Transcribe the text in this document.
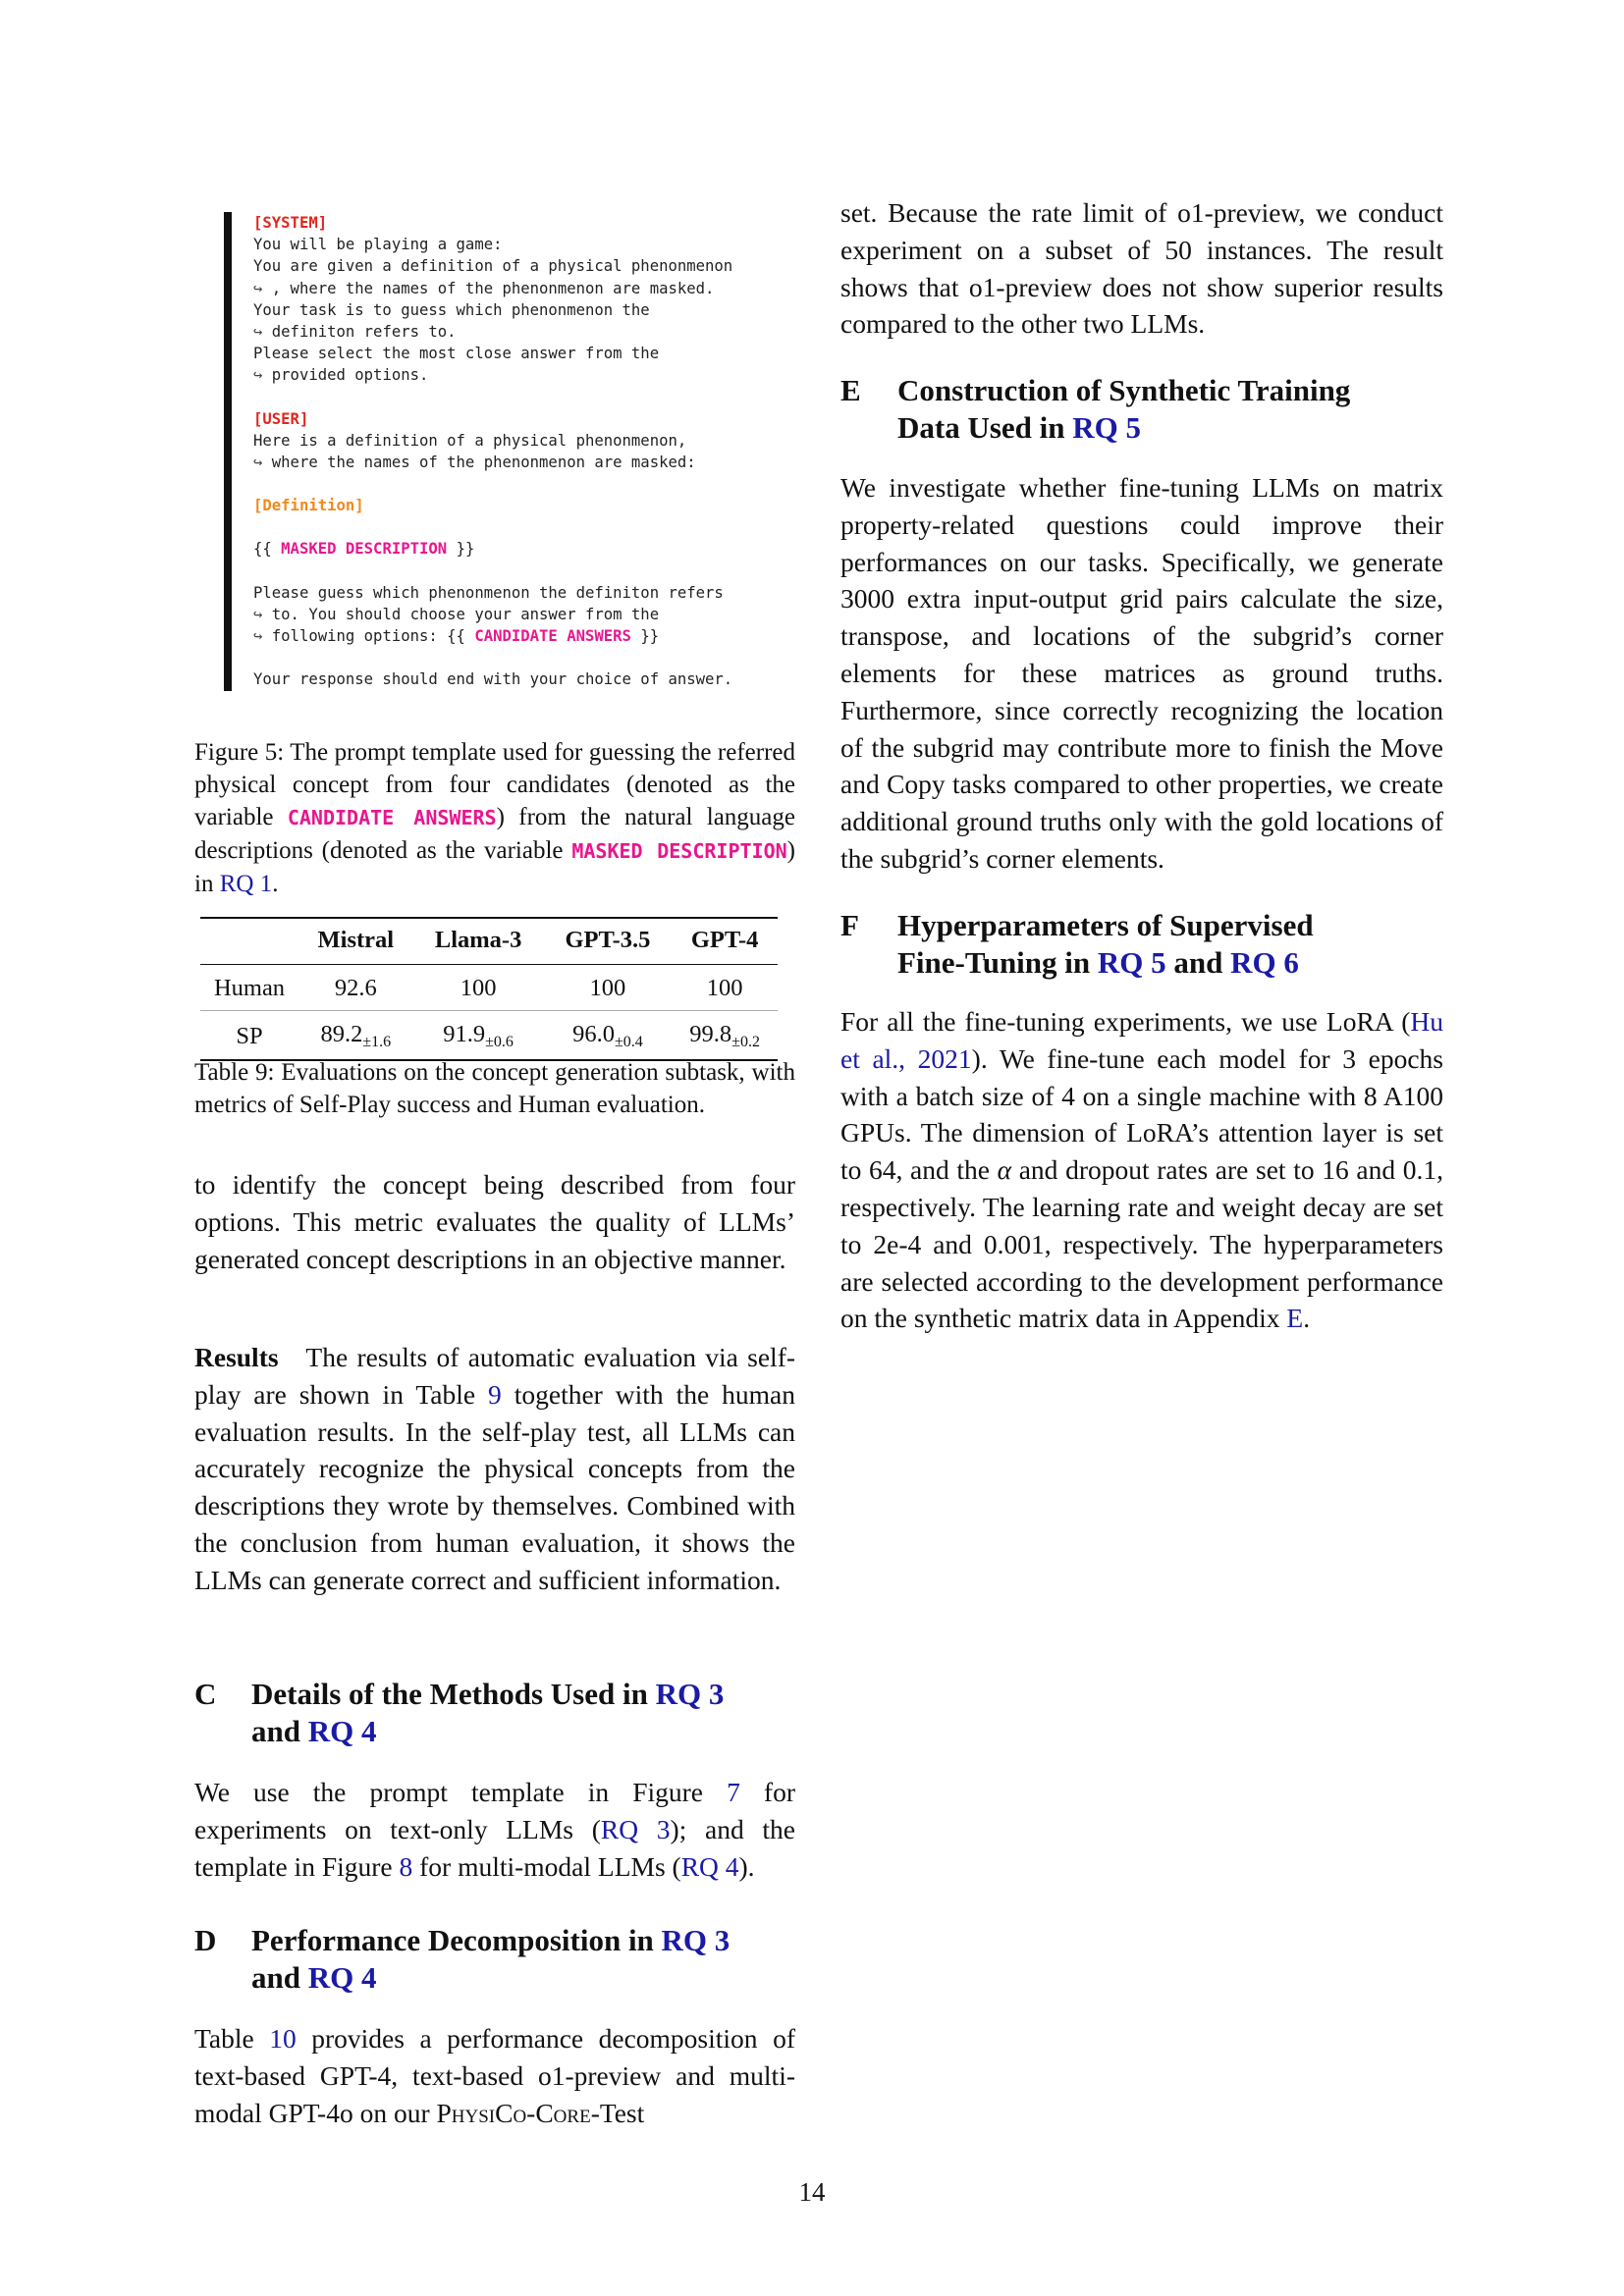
[SYSTEM]
You will be playing a game:
You are given a definition of a physical phenonmenon
↪ , where the names of the phenonmenon are masked.
Your task is to guess which phenonmenon the
↪ definiton refers to.
Please select the most close answer from the
↪ provided options.
[USER]
Here is a definition of a physical phenonmenon,
↪ where the names of the phenonmenon are masked:
[Definition]
{{ MASKED DESCRIPTION }}
Please guess which phenonmenon the definiton refers
↪ to. You should choose your answer from the
↪ following options: {{ CANDIDATE ANSWERS }}
Your response should end with your choice of answer.

Figure 5: The prompt template used for guessing the referred physical concept from four candidates (denoted as the variable CANDIDATE ANSWERS) from the natural language descriptions (denoted as the variable MASKED DESCRIPTION) in RQ 1.

	Mistral	Llama-3	GPT-3.5	GPT-4
Human	92.6	100	100	100
SP	$89.2_{\pm 1.6}$	$91.9_{\pm 0.6}$	$96.0_{\pm 0.4}$	$99.8_{\pm 0.2}$

Table 9: Evaluations on the concept generation subtask, with metrics of Self-Play success and Human evaluation.

to identify the concept being described from four options. This metric evaluates the quality of LLMs’ generated concept descriptions in an objective manner.

Results The results of automatic evaluation via self-play are shown in Table 9 together with the human evaluation results. In the self-play test, all LLMs can accurately recognize the physical concepts from the descriptions they wrote by themselves. Combined with the conclusion from human evaluation, it shows the LLMs can generate correct and sufficient information.

C Details of the Methods Used in RQ 3
and RQ 4

We use the prompt template in Figure 7 for experiments on text-only LLMs (RQ 3); and the template in Figure 8 for multi-modal LLMs (RQ 4).

D Performance Decomposition in RQ 3
and RQ 4

Table 10 provides a performance decomposition of text-based GPT-4, text-based o1-preview and multi-modal GPT-4o on our PhysiCo-Core-Test

set. Because the rate limit of o1-preview, we conduct experiment on a subset of 50 instances. The result shows that o1-preview does not show superior results compared to the other two LLMs.

E Construction of Synthetic Training
Data Used in RQ 5

We investigate whether fine-tuning LLMs on matrix property-related questions could improve their performances on our tasks. Specifically, we generate 3000 extra input-output grid pairs calculate the size, transpose, and locations of the subgrid’s corner elements for these matrices as ground truths. Furthermore, since correctly recognizing the location of the subgrid may contribute more to finish the Move and Copy tasks compared to other properties, we create additional ground truths only with the gold locations of the subgrid’s corner elements.

F Hyperparameters of Supervised
Fine-Tuning in RQ 5 and RQ 6

For all the fine-tuning experiments, we use LoRA (Hu et al., 2021). We fine-tune each model for 3 epochs with a batch size of 4 on a single machine with 8 A100 GPUs. The dimension of LoRA’s attention layer is set to 64, and the α and dropout rates are set to 16 and 0.1, respectively. The learning rate and weight decay are set to 2e-4 and 0.001, respectively. The hyperparameters are selected according to the development performance on the synthetic matrix data in Appendix E.

14
